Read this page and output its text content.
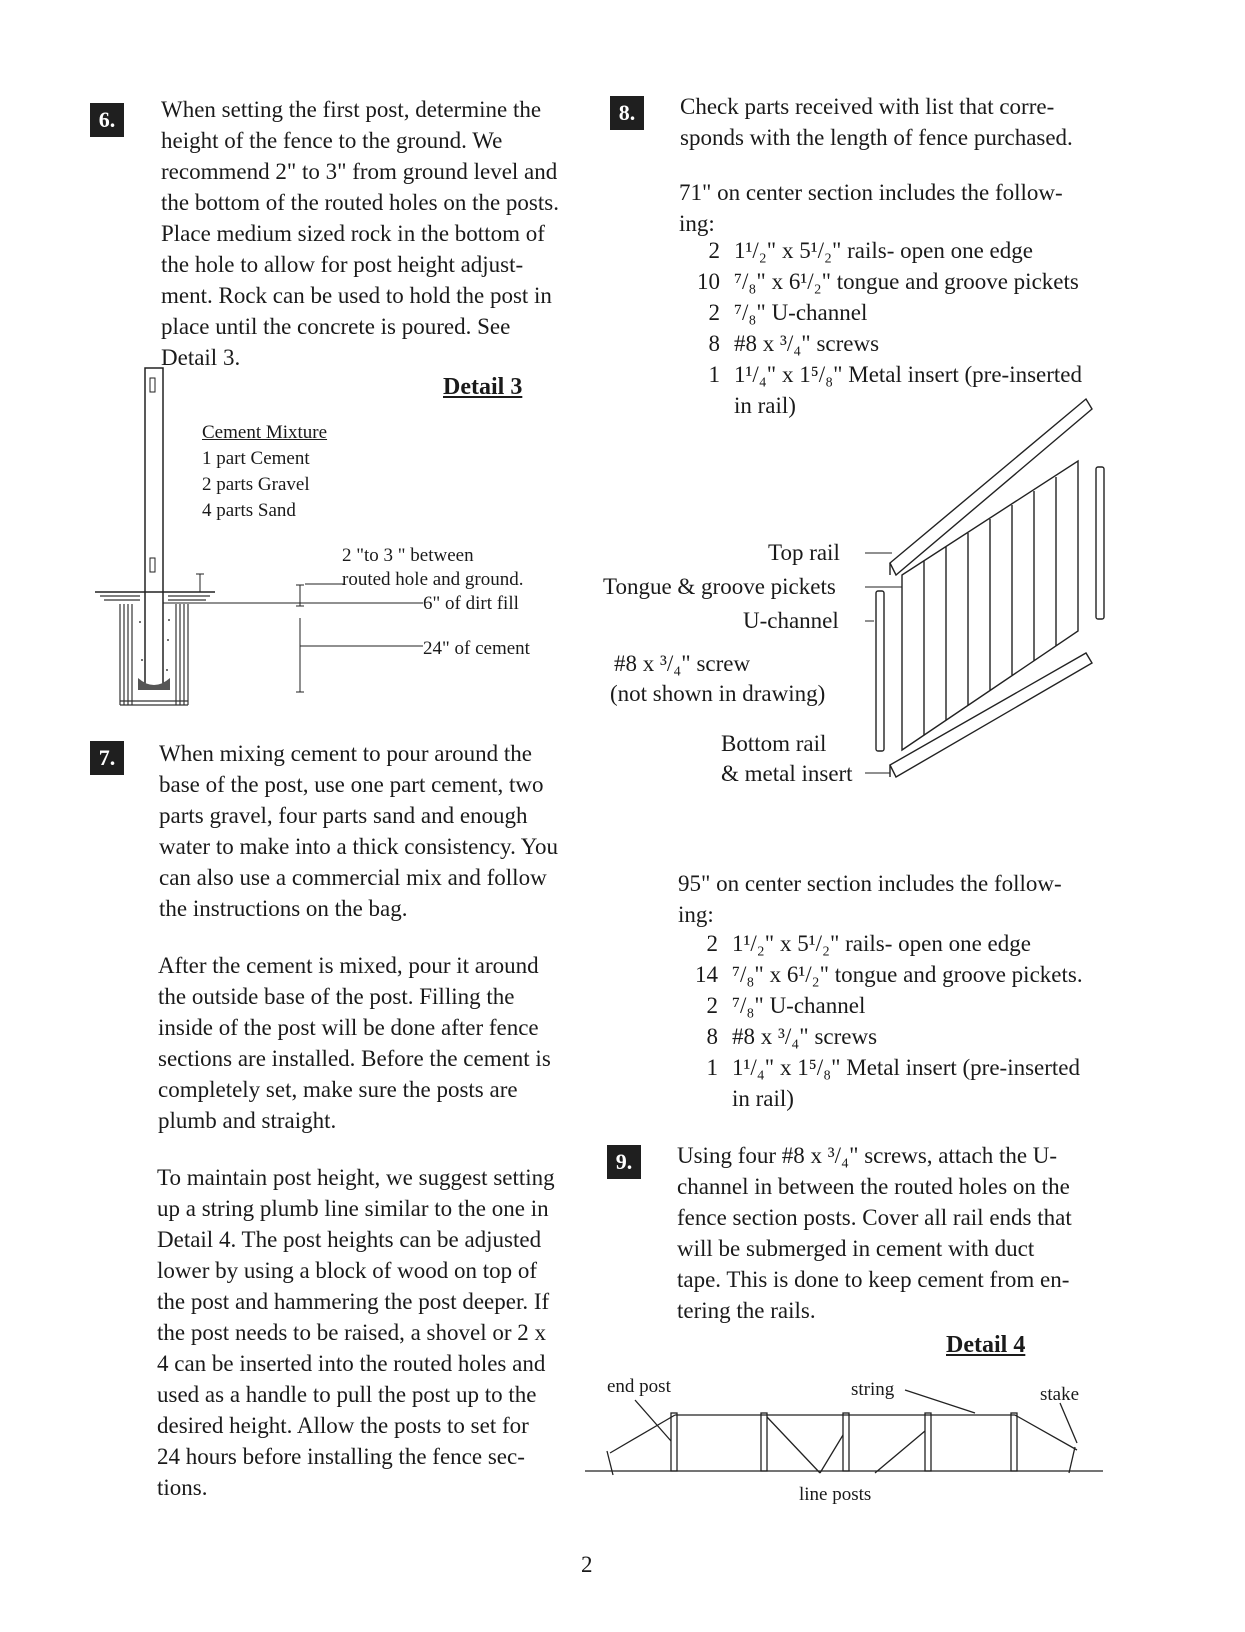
6. When setting the first post, determine the
height of the fence to the ground. We
recommend 2" to 3" from ground level and
the bottom of the routed holes on the posts.
Place medium sized rock in the bottom of
the hole to allow for post height adjust-
ment. Rock can be used to hold the post in
place until the concrete is poured. See
Detail 3.
Detail 3
Cement Mixture
1 part Cement
2 parts Gravel
4 parts Sand
2 "to 3 " between
routed hole and ground.
6" of dirt fill
24" of cement
7. When mixing cement to pour around the
base of the post, use one part cement, two
parts gravel, four parts sand and enough
water to make into a thick consistency. You
can also use a commercial mix and follow
the instructions on the bag.
After the cement is mixed, pour it around
the outside base of the post. Filling the
inside of the post will be done after fence
sections are installed. Before the cement is
completely set, make sure the posts are
plumb and straight.
To maintain post height, we suggest setting
up a string plumb line similar to the one in
Detail 4. The post heights can be adjusted
lower by using a block of wood on top of
the post and hammering the post deeper. If
the post needs to be raised, a shovel or 2 x
4 can be inserted into the routed holes and
used as a handle to pull the post up to the
desired height. Allow the posts to set for
24 hours before installing the fence sec-
tions.
8. Check parts received with list that corre-
sponds with the length of fence purchased.
71" on center section includes the follow-
ing:
2 1¹/₂" x 5¹/₂" rails- open one edge
10 ⁷/₈" x 6¹/₂" tongue and groove pickets
2 ⁷/₈" U-channel
8 #8 x ³/₄" screws
1 1¹/₄" x 1⁵/₈" Metal insert (pre-inserted
in rail)
Top rail
Tongue & groove pickets
U-channel
#8 x ³/₄" screw
(not shown in drawing)
Bottom rail
& metal insert
95" on center section includes the follow-
ing:
2 1¹/₂" x 5¹/₂" rails- open one edge
14 ⁷/₈" x 6¹/₂" tongue and groove pickets.
2 ⁷/₈" U-channel
8 #8 x ³/₄" screws
1 1¹/₄" x 1⁵/₈" Metal insert (pre-inserted
in rail)
9. Using four #8 x ³/₄" screws, attach the U-
channel in between the routed holes on the
fence section posts. Cover all rail ends that
will be submerged in cement with duct
tape. This is done to keep cement from en-
tering the rails.
Detail 4
end post	string	stake
line posts
2
